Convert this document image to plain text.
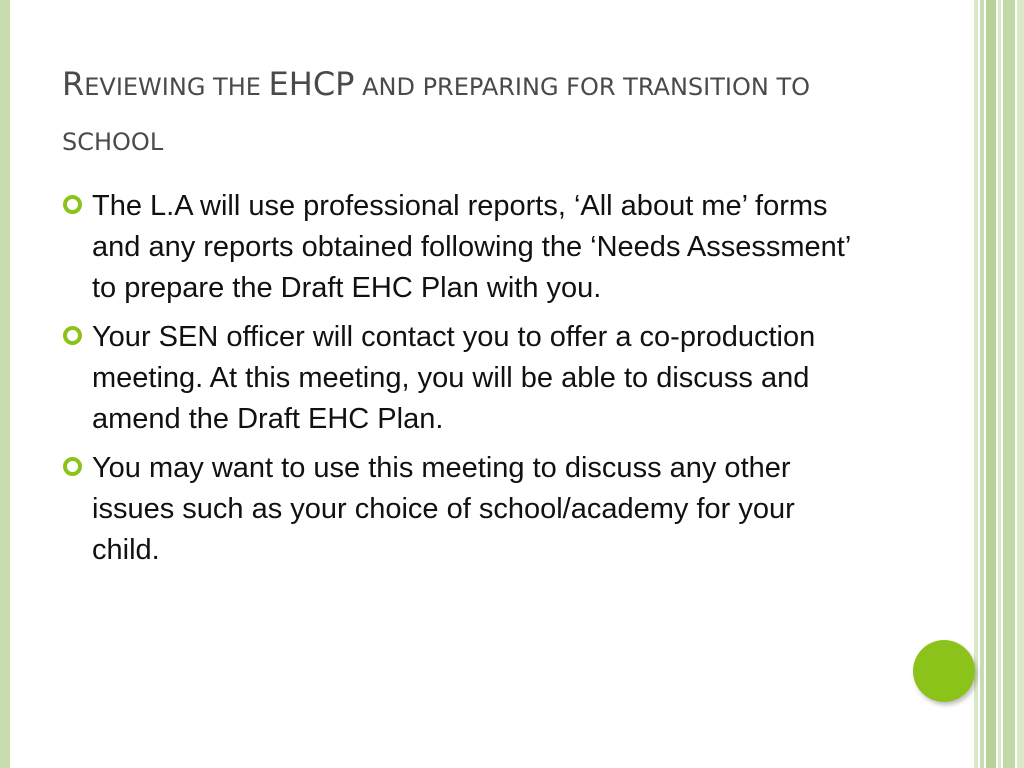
REVIEWING THE EHCP AND PREPARING FOR TRANSITION TO SCHOOL
The L.A will use professional reports, ‘All about me’ forms and any reports obtained following the ‘Needs Assessment’ to prepare the Draft EHC Plan with you.
Your SEN officer will contact you to offer a co-production meeting. At this meeting, you will be able to discuss and amend the Draft EHC Plan.
You may want to use this meeting to discuss any other issues such as your choice of school/academy for your child.
